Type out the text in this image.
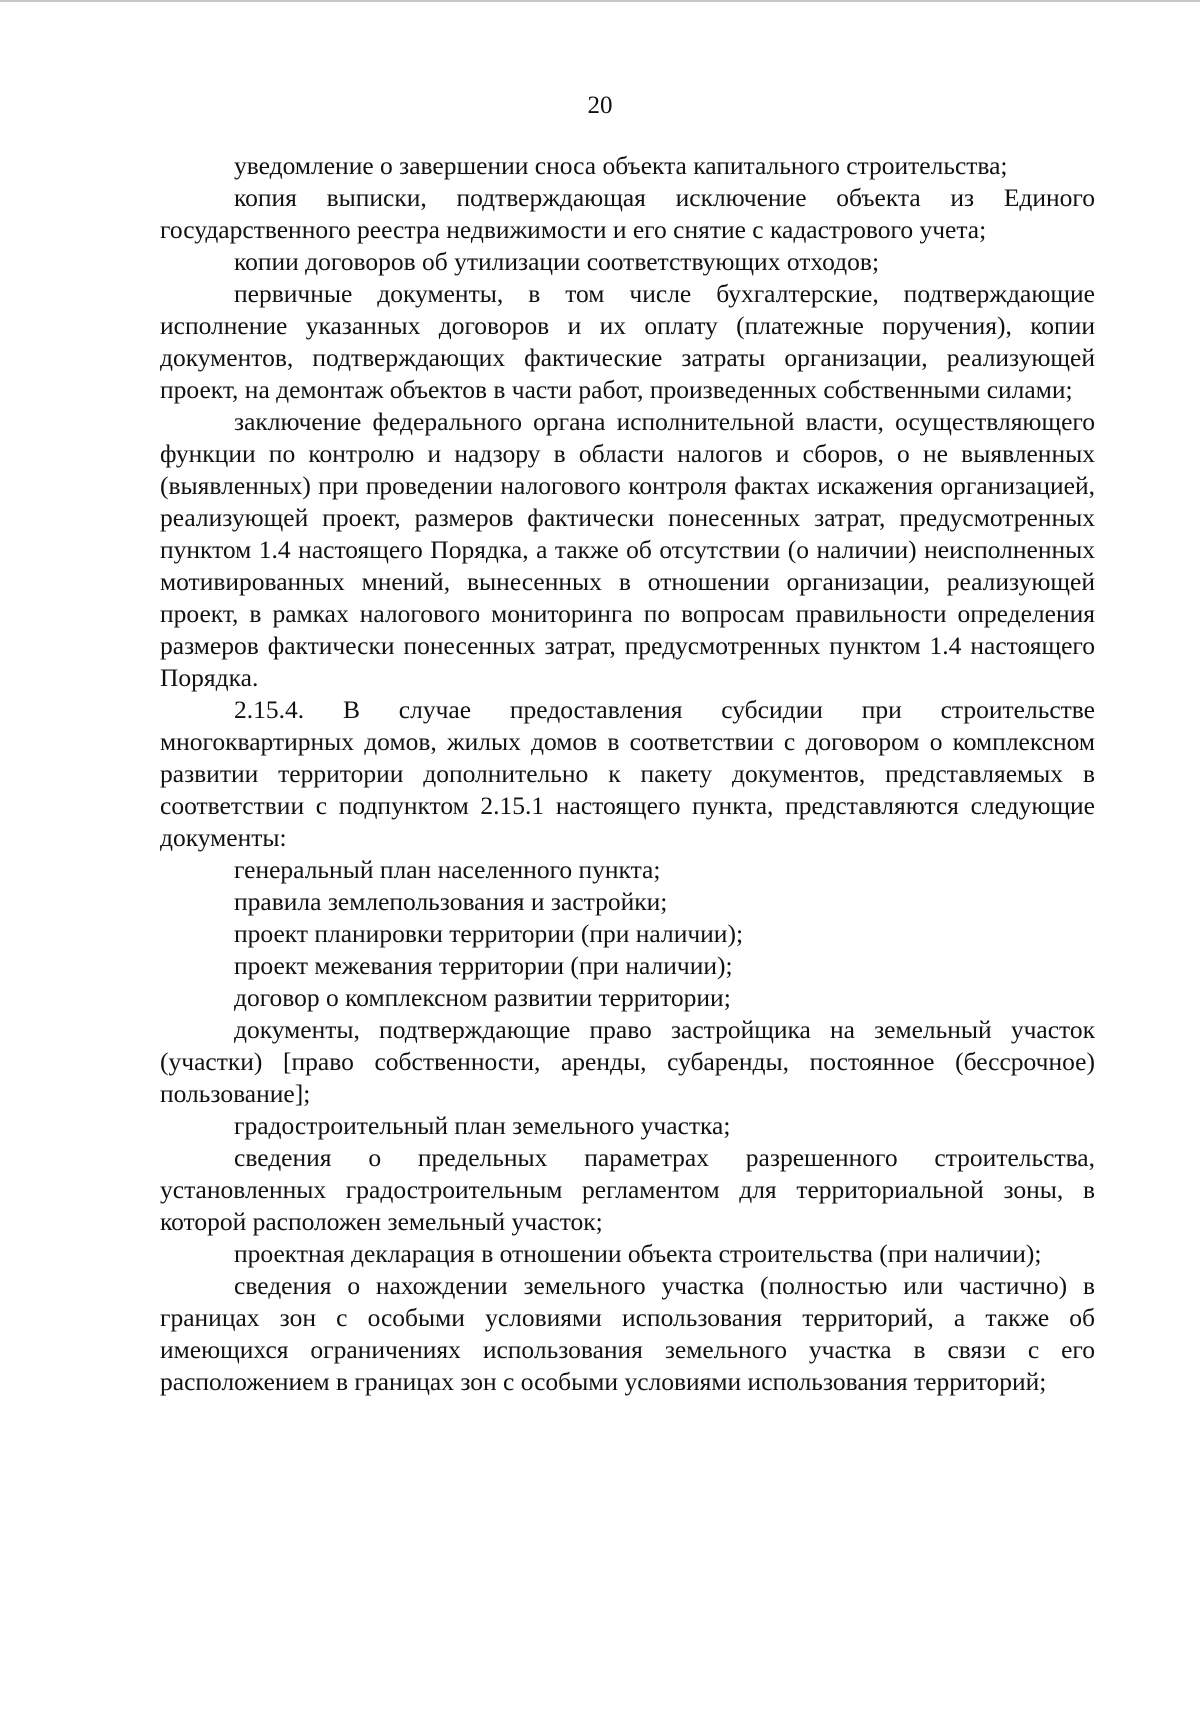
20

уведомление о завершении сноса объекта капитального строительства;

копия выписки, подтверждающая исключение объекта из Единого государственного реестра недвижимости и его снятие с кадастрового учета;

копии договоров об утилизации соответствующих отходов;

первичные документы, в том числе бухгалтерские, подтверждающие исполнение указанных договоров и их оплату (платежные поручения), копии документов, подтверждающих фактические затраты организации, реализующей проект, на демонтаж объектов в части работ, произведенных собственными силами;

заключение федерального органа исполнительной власти, осуществляющего функции по контролю и надзору в области налогов и сборов, о не выявленных (выявленных) при проведении налогового контроля фактах искажения организацией, реализующей проект, размеров фактически понесенных затрат, предусмотренных пунктом 1.4 настоящего Порядка, а также об отсутствии (о наличии) неисполненных мотивированных мнений, вынесенных в отношении организации, реализующей проект, в рамках налогового мониторинга по вопросам правильности определения размеров фактически понесенных затрат, предусмотренных пунктом 1.4 настоящего Порядка.

2.15.4. В случае предоставления субсидии при строительстве многоквартирных домов, жилых домов в соответствии с договором о комплексном развитии территории дополнительно к пакету документов, представляемых в соответствии с подпунктом 2.15.1 настоящего пункта, представляются следующие документы:

генеральный план населенного пункта;

правила землепользования и застройки;

проект планировки территории (при наличии);

проект межевания территории (при наличии);

договор о комплексном развитии территории;

документы, подтверждающие право застройщика на земельный участок (участки) [право собственности, аренды, субаренды, постоянное (бессрочное) пользование];

градостроительный план земельного участка;

сведения о предельных параметрах разрешенного строительства, установленных градостроительным регламентом для территориальной зоны, в которой расположен земельный участок;

проектная декларация в отношении объекта строительства (при наличии);

сведения о нахождении земельного участка (полностью или частично) в границах зон с особыми условиями использования территорий, а также об имеющихся ограничениях использования земельного участка в связи с его расположением в границах зон с особыми условиями использования территорий;
